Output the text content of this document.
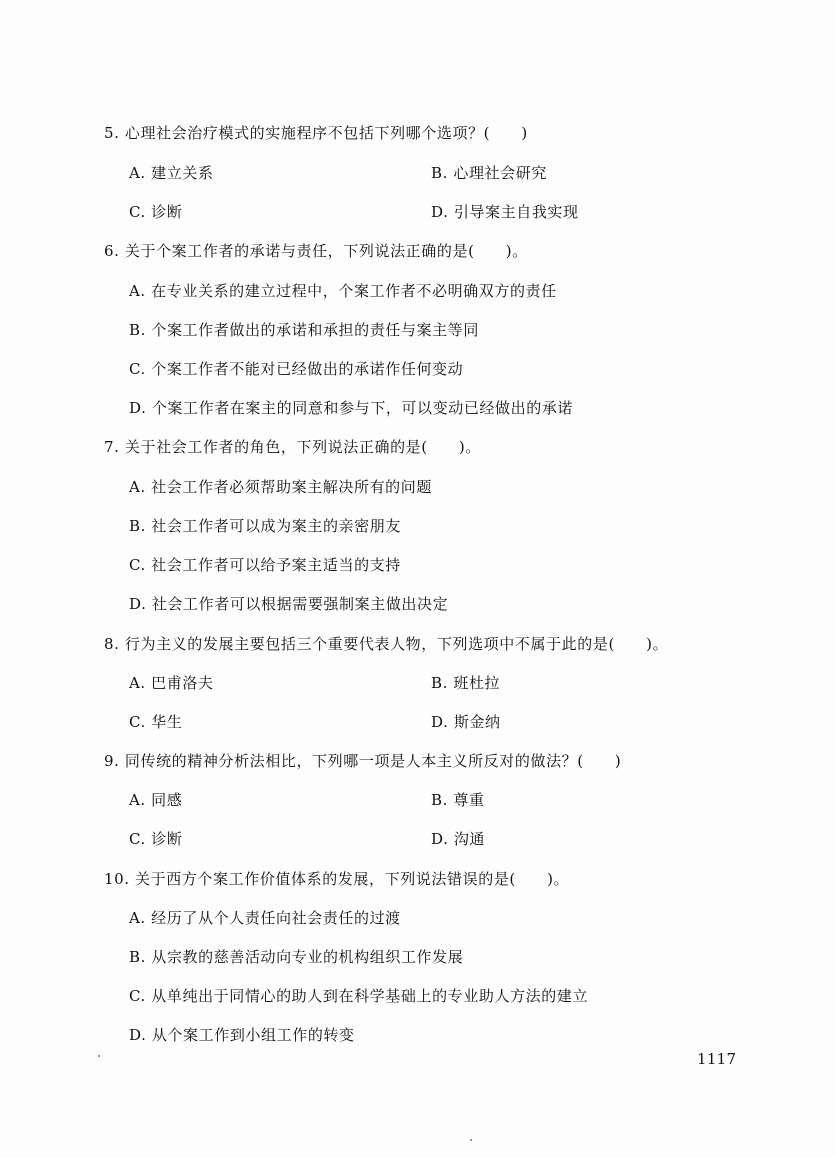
5. 心理社会治疗模式的实施程序不包括下列哪个选项？(　　)
A. 建立关系	B. 心理社会研究
C. 诊断	D. 引导案主自我实现
6. 关于个案工作者的承诺与责任，下列说法正确的是(　　)。
A. 在专业关系的建立过程中，个案工作者不必明确双方的责任
B. 个案工作者做出的承诺和承担的责任与案主等同
C. 个案工作者不能对已经做出的承诺作任何变动
D. 个案工作者在案主的同意和参与下，可以变动已经做出的承诺
7. 关于社会工作者的角色，下列说法正确的是(　　)。
A. 社会工作者必须帮助案主解决所有的问题
B. 社会工作者可以成为案主的亲密朋友
C. 社会工作者可以给予案主适当的支持
D. 社会工作者可以根据需要强制案主做出决定
8. 行为主义的发展主要包括三个重要代表人物，下列选项中不属于此的是(　　)。
A. 巴甫洛夫	B. 班杜拉
C. 华生	D. 斯金纳
9. 同传统的精神分析法相比，下列哪一项是人本主义所反对的做法？(　　)
A. 同感	B. 尊重
C. 诊断	D. 沟通
10. 关于西方个案工作价值体系的发展，下列说法错误的是(　　)。
A. 经历了从个人责任向社会责任的过渡
B. 从宗教的慈善活动向专业的机构组织工作发展
C. 从单纯出于同情心的助人到在科学基础上的专业助人方法的建立
D. 从个案工作到小组工作的转变
1117
